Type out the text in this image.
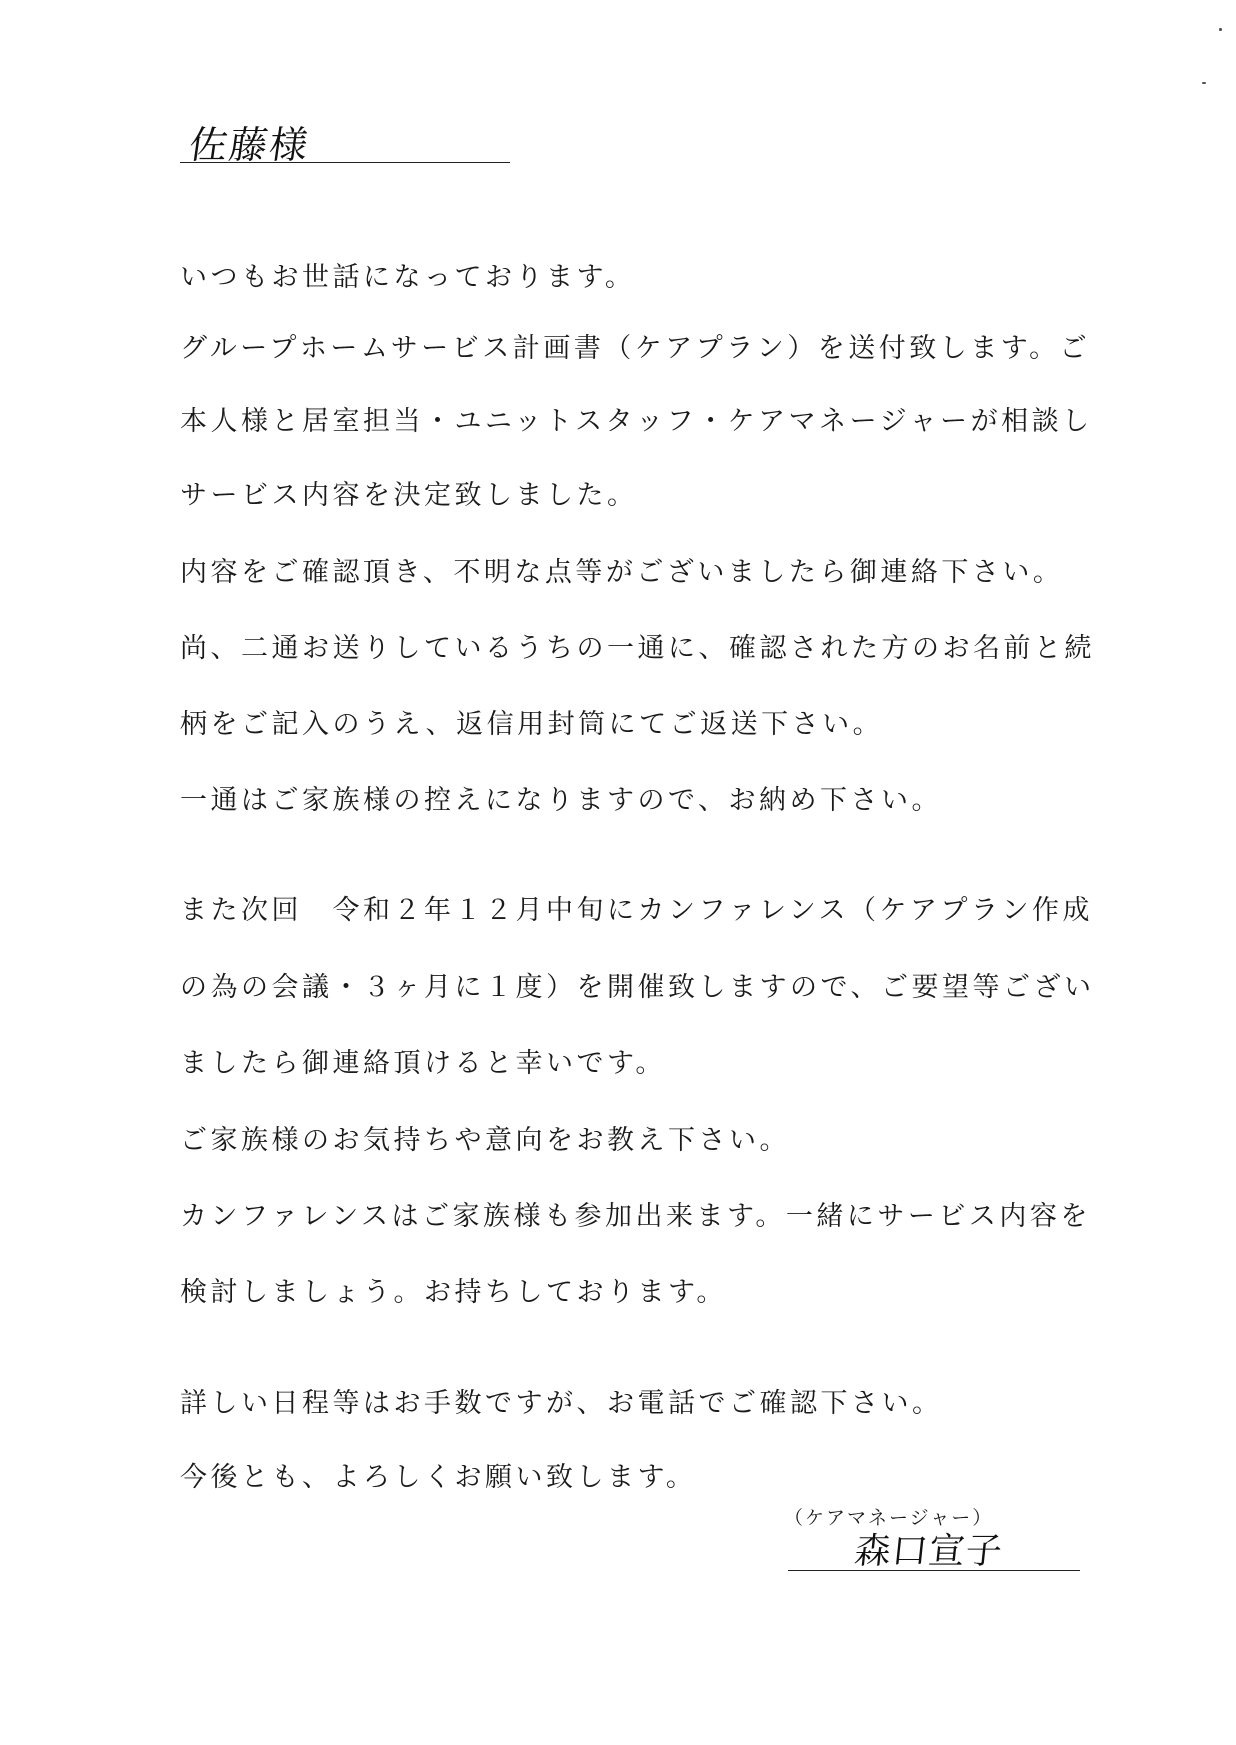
佐藤様
いつもお世話になっております。
グループホームサービス計画書（ケアプラン）を送付致します。ご
本人様と居室担当・ユニットスタッフ・ケアマネージャーが相談し
サービス内容を決定致しました。
内容をご確認頂き、不明な点等がございましたら御連絡下さい。
尚、二通お送りしているうちの一通に、確認された方のお名前と続
柄をご記入のうえ、返信用封筒にてご返送下さい。
一通はご家族様の控えになりますので、お納め下さい。
また次回　令和２年１２月中旬にカンファレンス（ケアプラン作成
の為の会議・３ヶ月に１度）を開催致しますので、ご要望等ござい
ましたら御連絡頂けると幸いです。
ご家族様のお気持ちや意向をお教え下さい。
カンファレンスはご家族様も参加出来ます。一緒にサービス内容を
検討しましょう。お持ちしております。
詳しい日程等はお手数ですが、お電話でご確認下さい。
今後とも、よろしくお願い致します。
（ケアマネージャー）
森口宣子
